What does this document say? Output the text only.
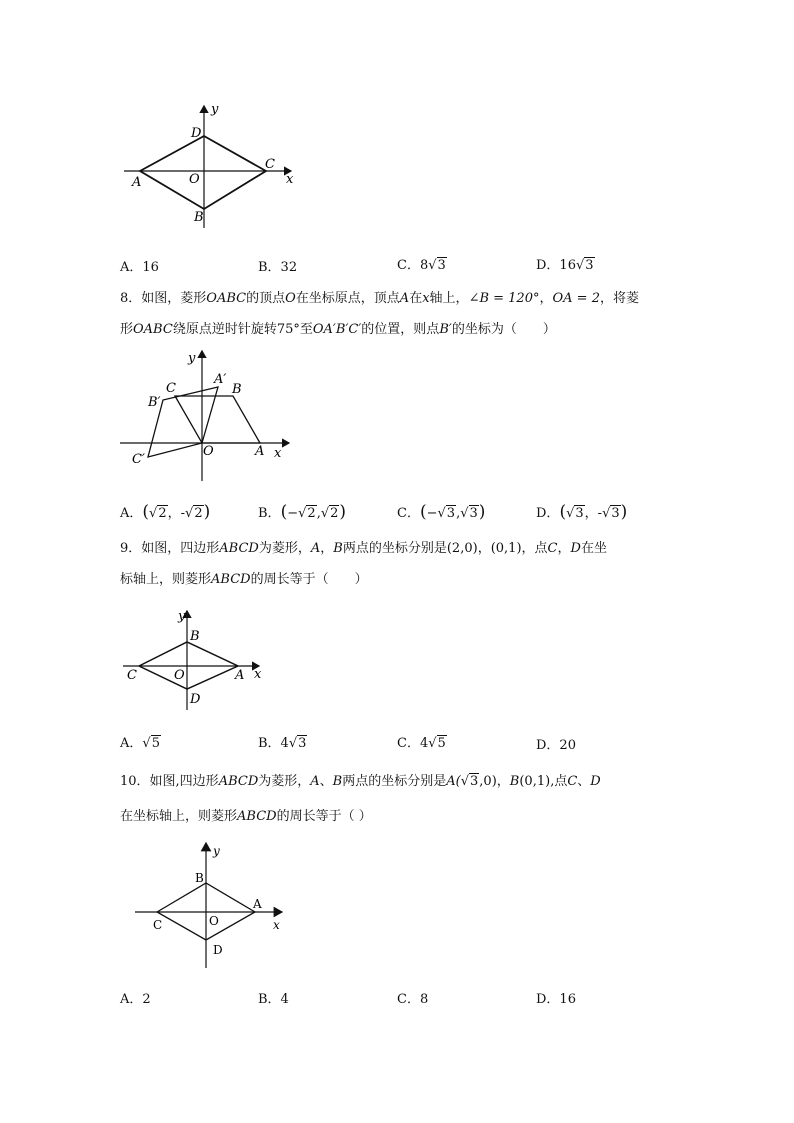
y
x
D
C
A	O
B
A．16	B．32	C．8√3	D．16√3
8．如图，菱形OABC的顶点O在坐标原点，顶点A在x轴上，∠B = 120°，OA = 2，将菱
形OABC绕原点逆时针旋转75°至OA′B′C′的位置，则点B′的坐标为（　　）
y
x
C
A′
B
B′
C′
O	A
A．(√2，-√2)	B．(−√2,√2)	C．(−√3,√3)	D．(√3，-√3)
9．如图，四边形ABCD为菱形，A，B两点的坐标分别是(2,0)，(0,1)，点C，D在坐
标轴上，则菱形ABCD的周长等于（　　）
y
x
B
C	O	A
D
A．√5	B．4√3	C．4√5	D．20
10．如图,四边形ABCD为菱形，A、B两点的坐标分别是A(√3,0)，B(0,1),点C、D
在坐标轴上，则菱形ABCD的周长等于（ ）
y
B
A
C	O	x
D
A．2	B．4	C．8	D．16
